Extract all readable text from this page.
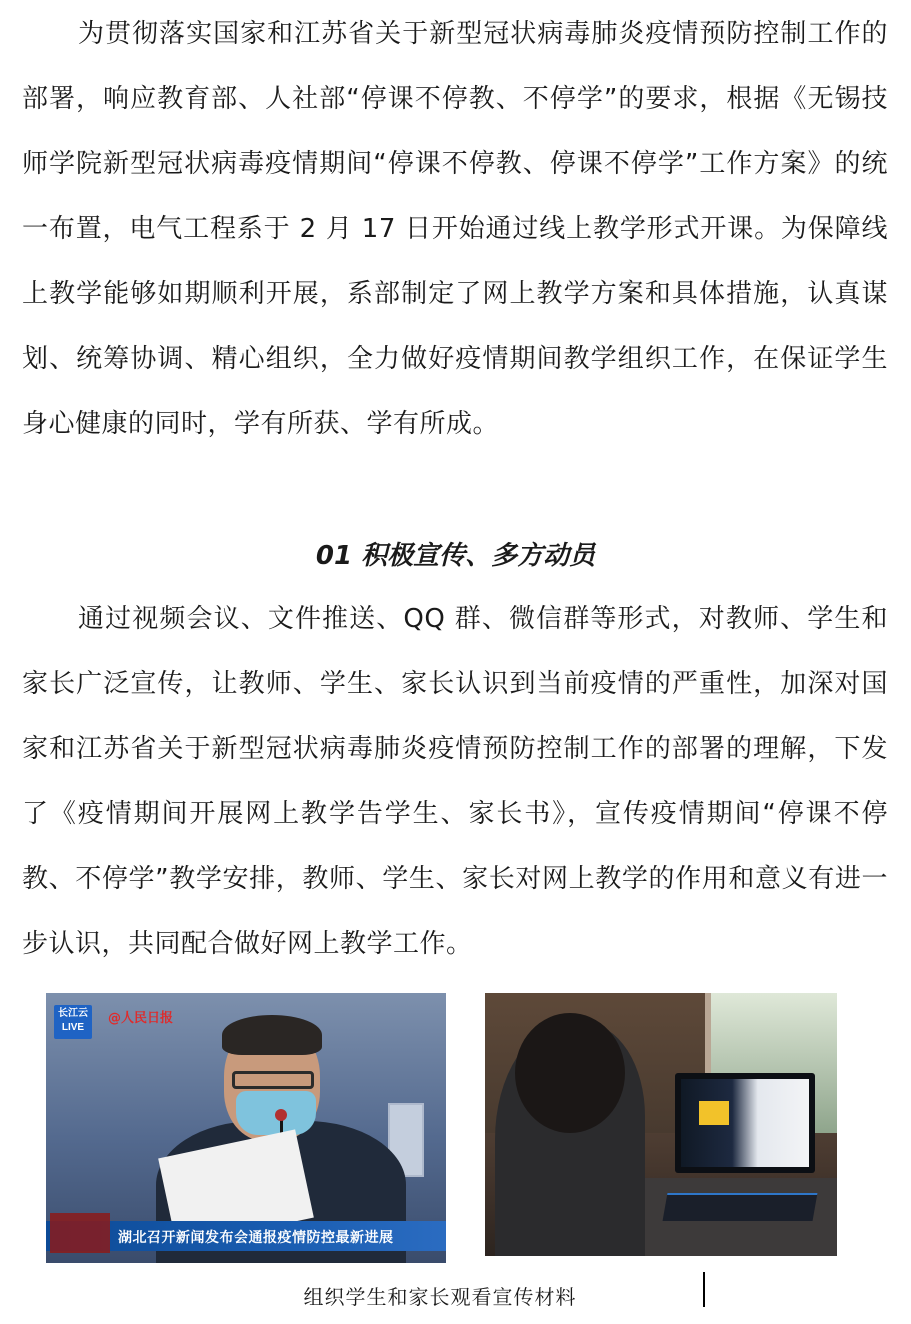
为贯彻落实国家和江苏省关于新型冠状病毒肺炎疫情预防控制工作的部署，响应教育部、人社部“停课不停教、不停学”的要求，根据《无锡技师学院新型冠状病毒疫情期间“停课不停教、停课不停学”工作方案》的统一布置，电气工程系于 2 月 17 日开始通过线上教学形式开课。为保障线上教学能够如期顺利开展，系部制定了网上教学方案和具体措施，认真谋划、统筹协调、精心组织，全力做好疫情期间教学组织工作，在保证学生身心健康的同时，学有所获、学有所成。

01 积极宣传、多方动员

通过视频会议、文件推送、QQ 群、微信群等形式，对教师、学生和家长广泛宣传，让教师、学生、家长认识到当前疫情的严重性，加深对国家和江苏省关于新型冠状病毒肺炎疫情预防控制工作的部署的理解，下发了《疫情期间开展网上教学告学生、家长书》，宣传疫情期间“停课不停教、不停学”教学安排，教师、学生、家长对网上教学的作用和意义有进一步认识，共同配合做好网上教学工作。

长江云
LIVE
@人民日报
湖北召开新闻发布会通报疫情防控最新进展
组织学生和家长观看宣传材料
